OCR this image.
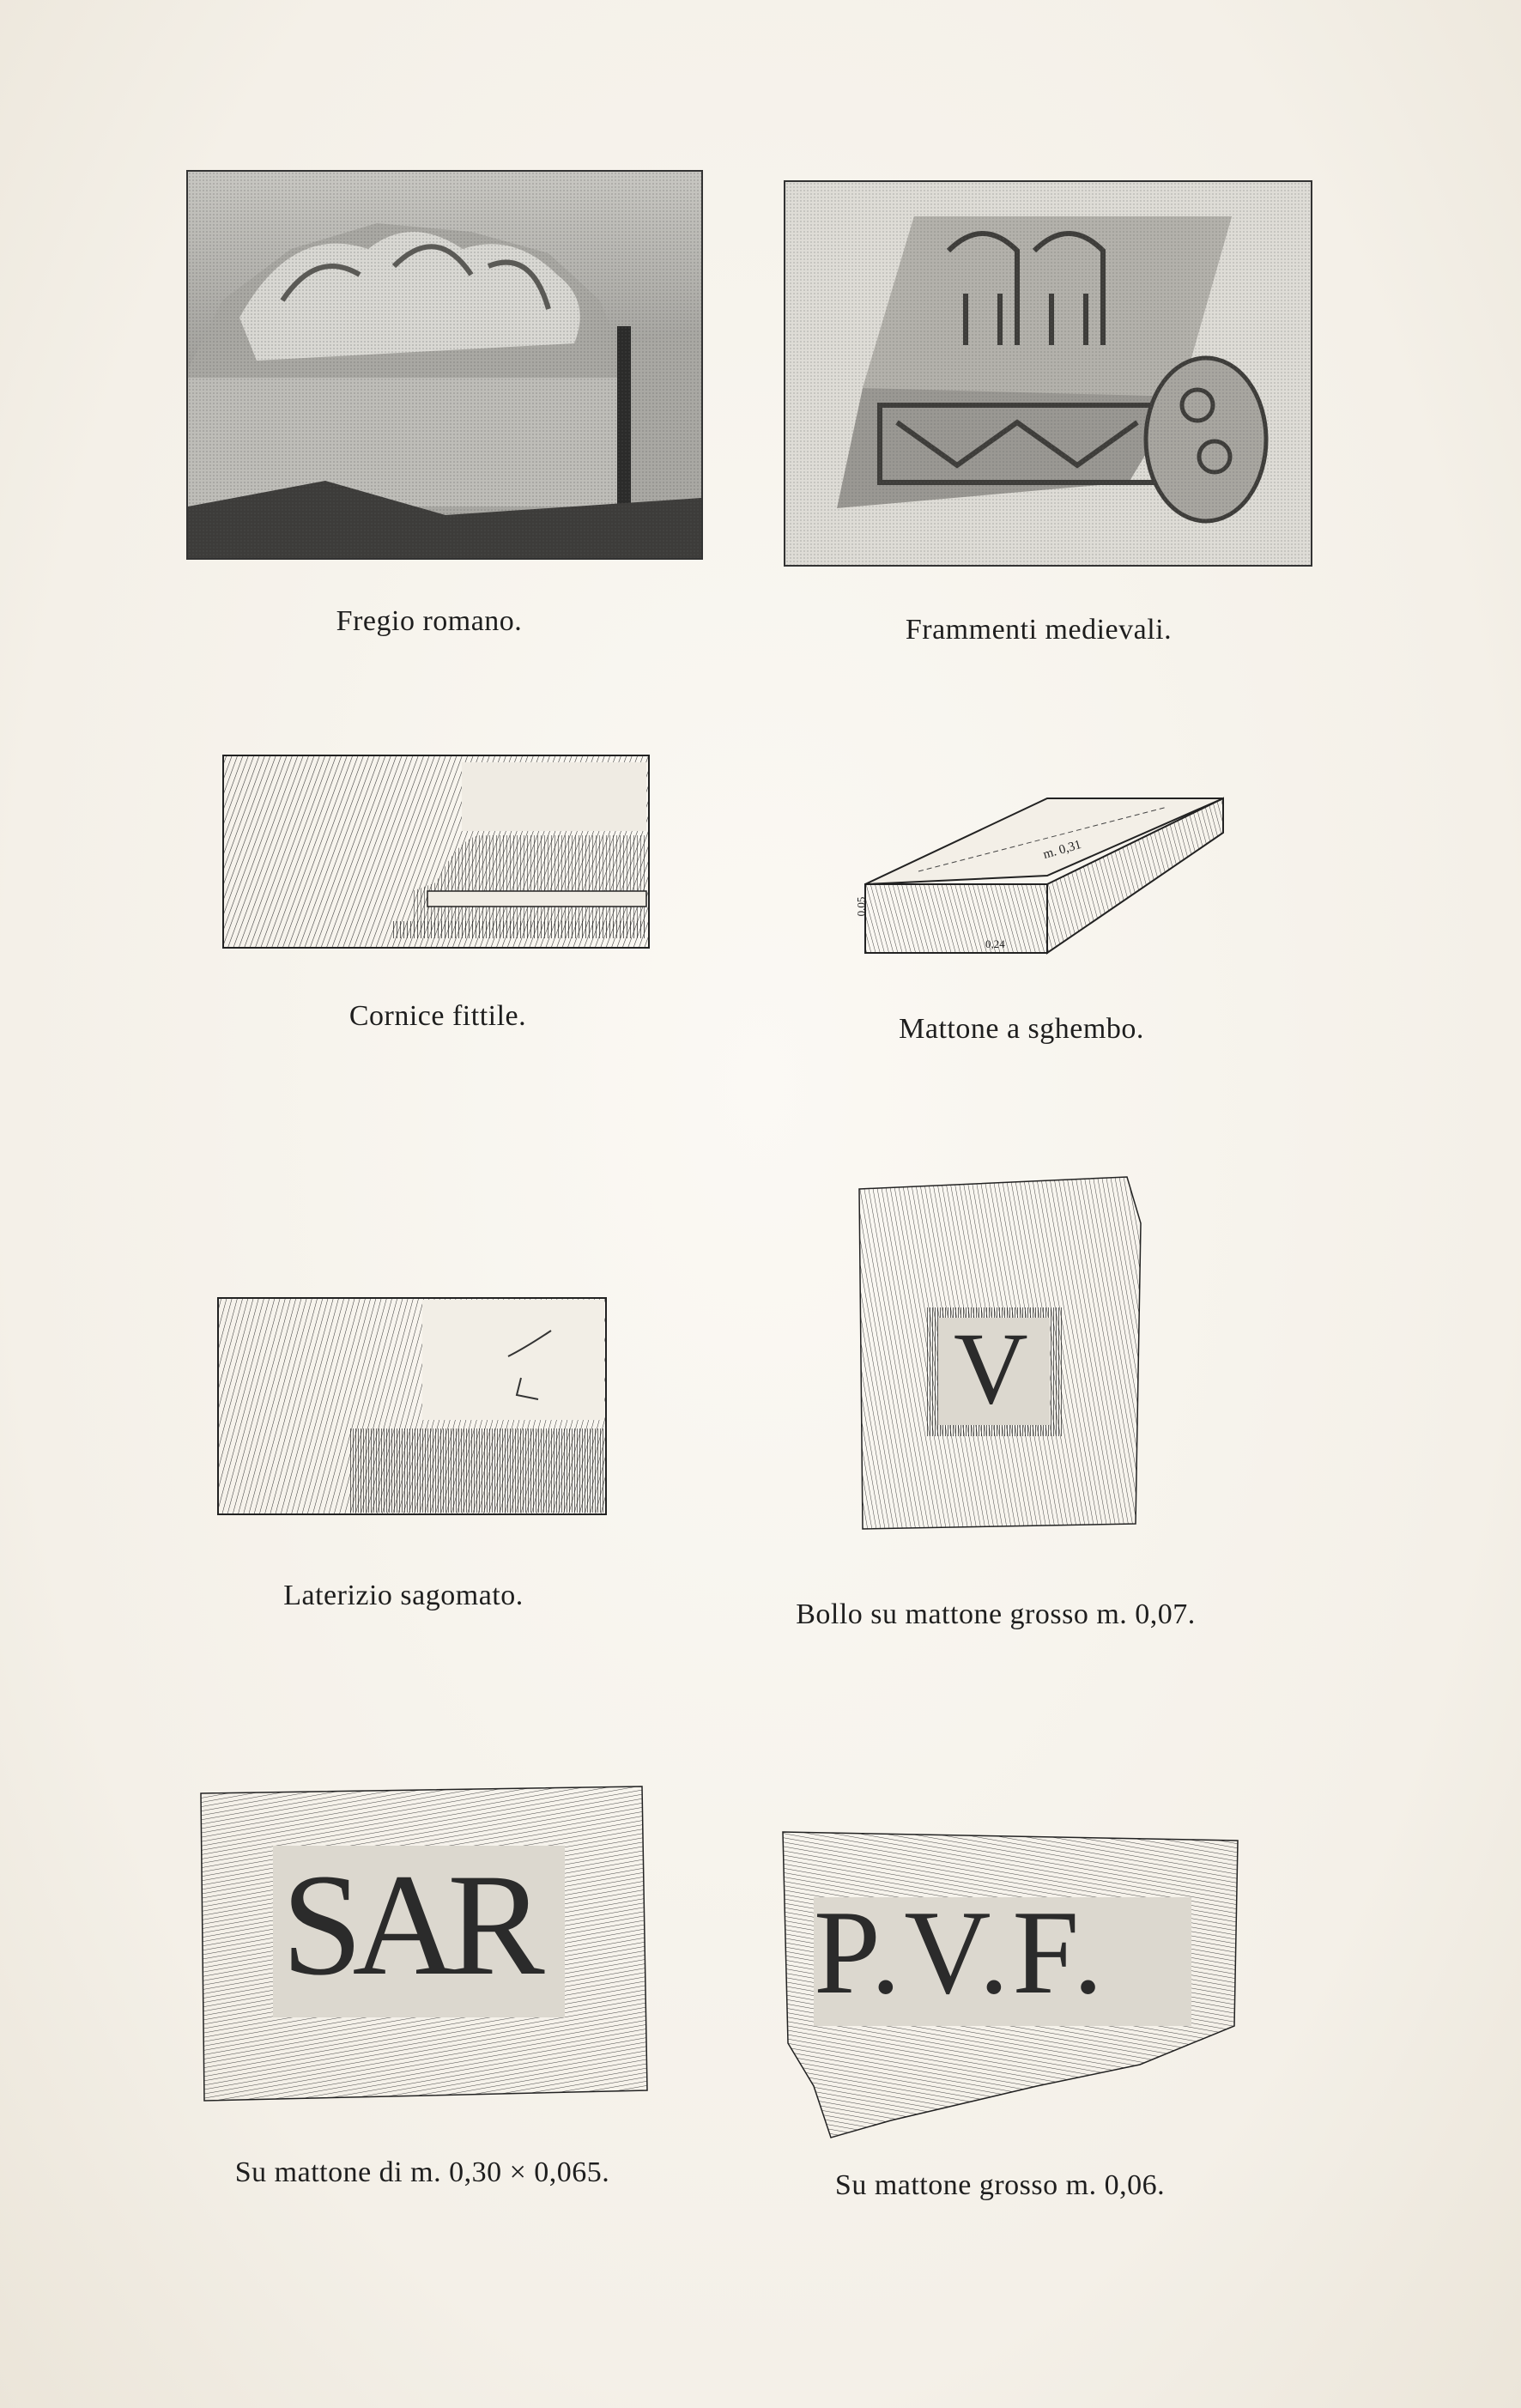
Fregio romano.	Frammenti medievali.
Cornice fittile.
m. 0,31
0,05
0,24
Mattone a sghembo.
Laterizio sagomato.
V
Bollo su mattone grosso m. 0,07.
SAR
Su mattone di m. 0,30 × 0,065.
P.V.F.
Su mattone grosso m. 0,06.
